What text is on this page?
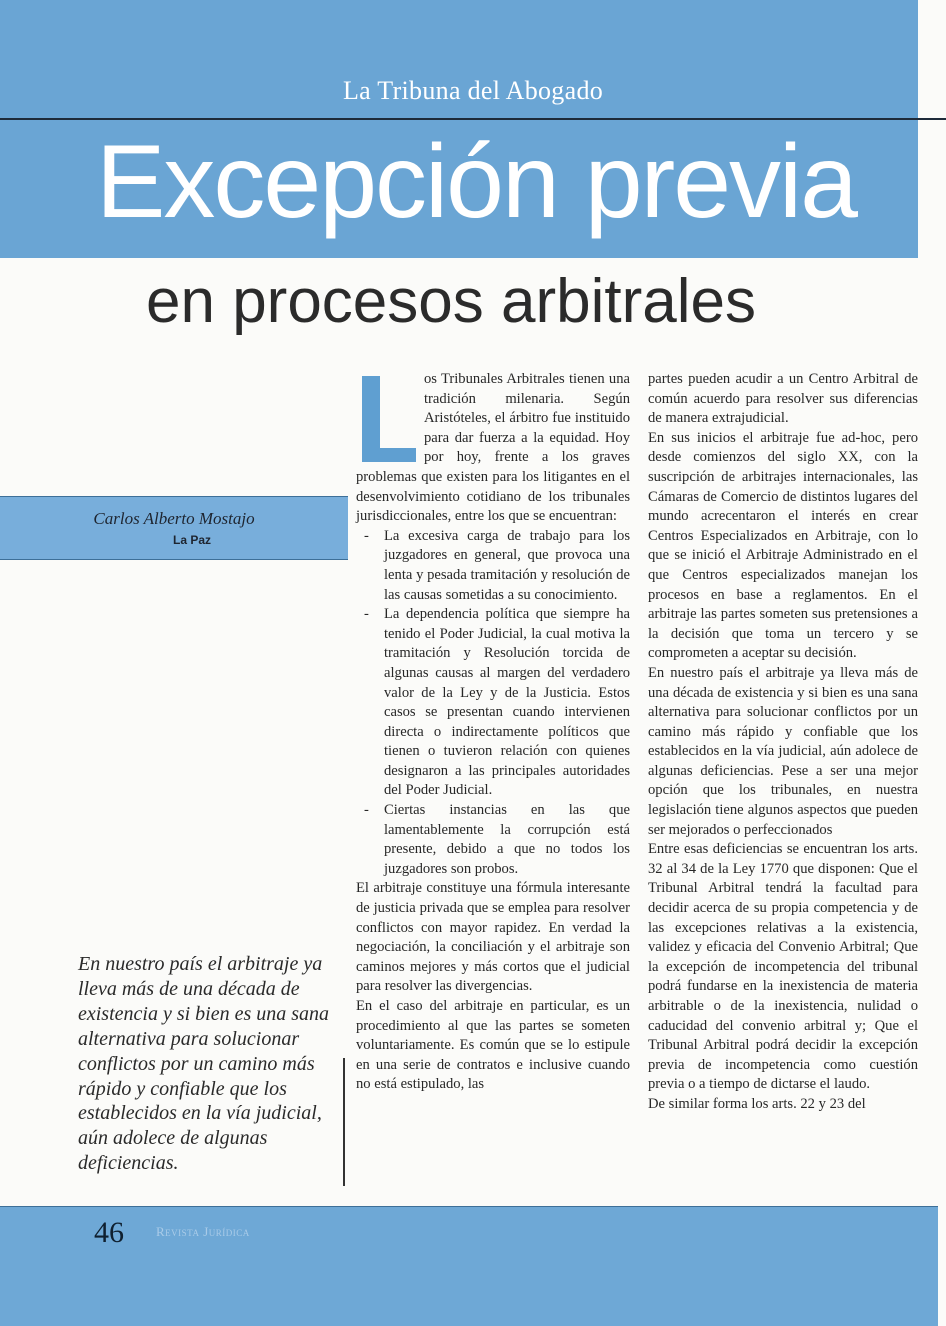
La Tribuna del Abogado
Excepción previa
en procesos arbitrales
Carlos Alberto Mostajo
La Paz

En nuestro país el arbitraje ya lleva más de una década de existencia y si bien es una sana alternativa para solucionar conflictos por un camino más rápido y confiable que los establecidos en la vía judicial, aún adolece de algunas deficiencias.

os Tribunales Arbitrales tienen una tradición milenaria. Según Aristóteles, el árbitro fue instituido para dar fuerza a la equidad. Hoy por hoy, frente a los graves problemas que existen para los litigantes en el desenvolvimiento cotidiano de los tribunales jurisdiccionales, entre los que se encuentran:

- La excesiva carga de trabajo para los juzgadores en general, que provoca una lenta y pesada tramitación y resolución de las causas sometidas a su conocimiento.

- La dependencia política que siempre ha tenido el Poder Judicial, la cual motiva la tramitación y Resolución torcida de algunas causas al margen del verdadero valor de la Ley y de la Justicia. Estos casos se presentan cuando intervienen directa o indirectamente políticos que tienen o tuvieron relación con quienes designaron a las principales autoridades del Poder Judicial.

- Ciertas instancias en las que lamentablemente la corrupción está presente, debido a que no todos los juzgadores son probos.

El arbitraje constituye una fórmula interesante de justicia privada que se emplea para resolver conflictos con mayor rapidez. En verdad la negociación, la conciliación y el arbitraje son caminos mejores y más cortos que el judicial para resolver las divergencias.

En el caso del arbitraje en particular, es un procedimiento al que las partes se someten voluntariamente. Es común que se lo estipule en una serie de contratos e inclusive cuando no está estipulado, las

partes pueden acudir a un Centro Arbitral de común acuerdo para resolver sus diferencias de manera extrajudicial.

En sus inicios el arbitraje fue ad-hoc, pero desde comienzos del siglo XX, con la suscripción de arbitrajes internacionales, las Cámaras de Comercio de distintos lugares del mundo acrecentaron el interés en crear Centros Especializados en Arbitraje, con lo que se inició el Arbitraje Administrado en el que Centros especializados manejan los procesos en base a reglamentos. En el arbitraje las partes someten sus pretensiones a la decisión que toma un tercero y se comprometen a aceptar su decisión.

En nuestro país el arbitraje ya lleva más de una década de existencia y si bien es una sana alternativa para solucionar conflictos por un camino más rápido y confiable que los establecidos en la vía judicial, aún adolece de algunas deficiencias. Pese a ser una mejor opción que los tribunales, en nuestra legislación tiene algunos aspectos que pueden ser mejorados o perfeccionados

Entre esas deficiencias se encuentran los arts. 32 al 34 de la Ley 1770 que disponen: Que el Tribunal Arbitral tendrá la facultad para decidir acerca de su propia competencia y de las excepciones relativas a la existencia, validez y eficacia del Convenio Arbitral; Que la excepción de incompetencia del tribunal podrá fundarse en la inexistencia de materia arbitrable o de la inexistencia, nulidad o caducidad del convenio arbitral y; Que el Tribunal Arbitral podrá decidir la excepción previa de incompetencia como cuestión previa o a tiempo de dictarse el laudo.

De similar forma los arts. 22 y 23 del

46 Revista Jurídica
